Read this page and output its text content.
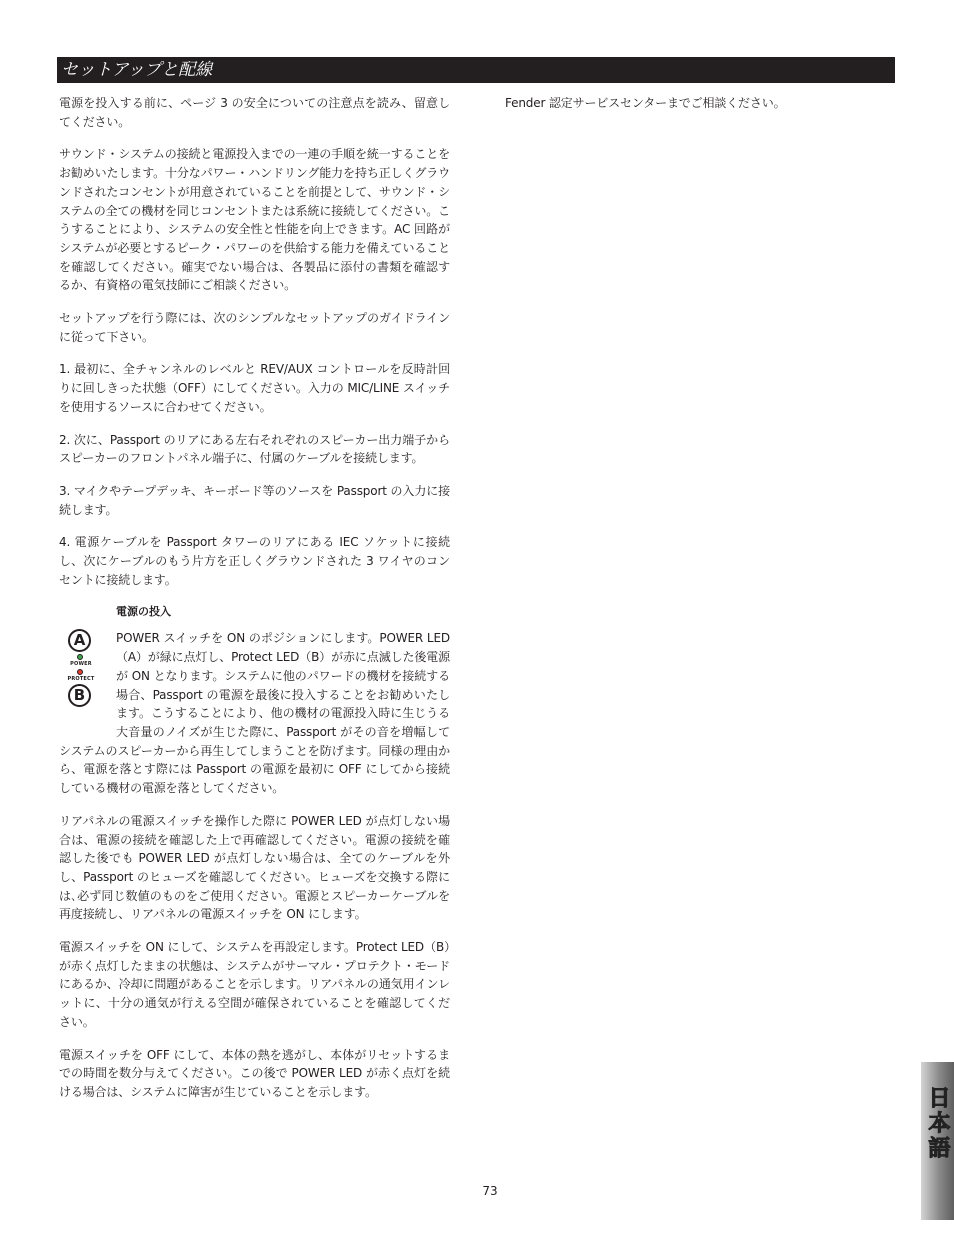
セットアップと配線

電源を投入する前に、ページ 3 の安全についての注意点を読み、留意してください。

サウンド・システムの接続と電源投入までの一連の手順を統一することをお勧めいたします。十分なパワー・ハンドリング能力を持ち正しくグラウンドされたコンセントが用意されていることを前提として、サウンド・システムの全ての機材を同じコンセントまたは系統に接続してください。こうすることにより、システムの安全性と性能を向上できます。AC 回路がシステムが必要とするピーク・パワーのを供給する能力を備えていることを確認してください。確実でない場合は、各製品に添付の書類を確認するか、有資格の電気技師にご相談ください。

セットアップを行う際には、次のシンプルなセットアップのガイドラインに従って下さい。

1. 最初に、全チャンネルのレベルと REV/AUX コントロールを反時計回りに回しきった状態（OFF）にしてください。入力の MIC/LINE スイッチを使用するソースに合わせてください。

2. 次に、Passport のリアにある左右それぞれのスピーカー出力端子からスピーカーのフロントパネル端子に、付属のケーブルを接続します。

3. マイクやテープデッキ、キーボード等のソースを Passport の入力に接続します。

4. 電源ケーブルを Passport タワーのリアにある IEC ソケットに接続し、次にケーブルのもう片方を正しくグラウンドされた 3 ワイヤのコンセントに接続します。

電源の投入
A
POWER
PROTECT
B

POWER スイッチを ON のポジションにします。POWER LED（A）が緑に点灯し、Protect LED（B）が赤に点滅した後電源が ON となります。システムに他のパワードの機材を接続する場合、Passport の電源を最後に投入することをお勧めいたします。こうすることにより、他の機材の電源投入時に生じうる大音量のノイズが生じた際に、Passport がその音を増幅してシステムのスピーカーから再生してしまうことを防げます。同様の理由から、電源を落とす際には Passport の電源を最初に OFF にしてから接続している機材の電源を落としてください。

リアパネルの電源スイッチを操作した際に POWER LED が点灯しない場合は、電源の接続を確認した上で再確認してください。電源の接続を確認した後でも POWER LED が点灯しない場合は、全てのケーブルを外し、Passport のヒューズを確認してください。ヒューズを交換する際には､必ず同じ数値のものをご使用ください。電源とスピーカーケーブルを再度接続し、リアパネルの電源スイッチを ON にします。

電源スイッチを ON にして、システムを再設定します。Protect LED（B）が赤く点灯したままの状態は、システムがサーマル・プロテクト・モードにあるか、冷却に問題があることを示します。リアパネルの通気用インレットに、十分の通気が行える空間が確保されていることを確認してください。

電源スイッチを OFF にして、本体の熱を逃がし、本体がリセットするまでの時間を数分与えてください。この後で POWER LED が赤く点灯を続ける場合は、システムに障害が生じていることを示します。

Fender 認定サービスセンターまでご相談ください。

73
日本語
